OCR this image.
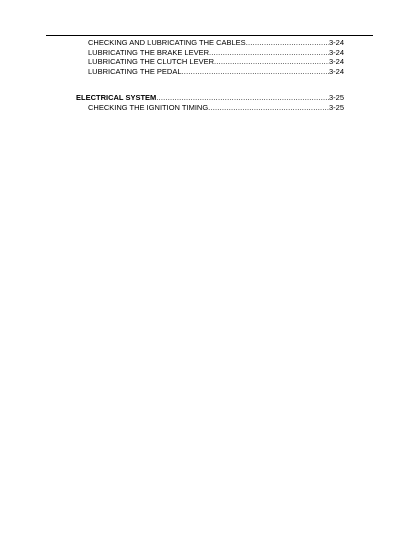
CHECKING AND LUBRICATING THE CABLES .....	3-24
LUBRICATING THE BRAKE LEVER .....	3-24
LUBRICATING THE CLUTCH LEVER .....	3-24
LUBRICATING THE PEDAL .....	3-24
ELECTRICAL SYSTEM .....	3-25
CHECKING THE IGNITION TIMING .....	3-25
